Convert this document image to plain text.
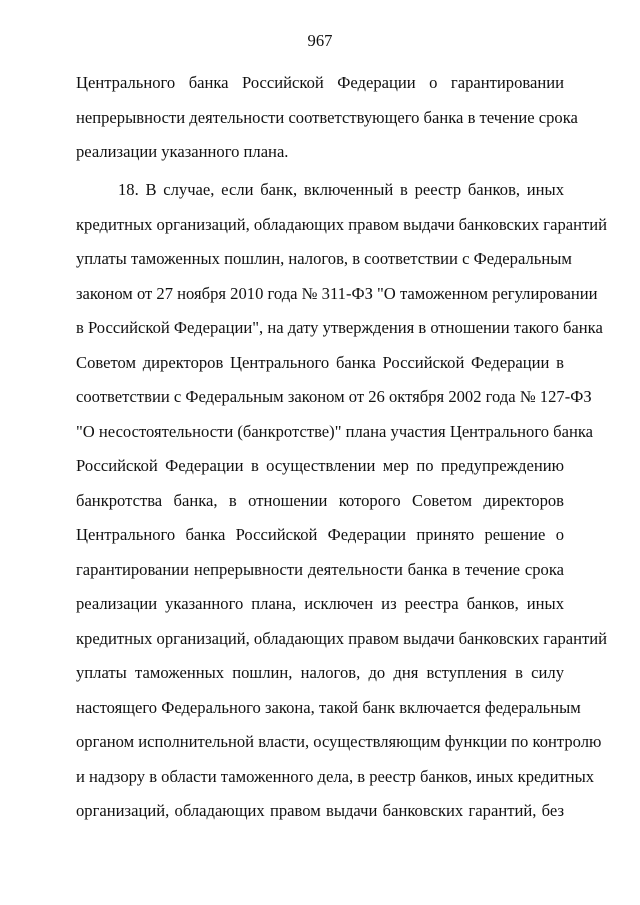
967
Центрального банка Российской Федерации о гарантировании
непрерывности деятельности соответствующего банка в течение срока
реализации указанного плана.
18. В случае, если банк, включенный в реестр банков, иных
кредитных организаций, обладающих правом выдачи банковских гарантий
уплаты таможенных пошлин, налогов, в соответствии с Федеральным
законом от 27 ноября 2010 года № 311-ФЗ "О таможенном регулировании
в Российской Федерации", на дату утверждения в отношении такого банка
Советом директоров Центрального банка Российской Федерации в
соответствии с Федеральным законом от 26 октября 2002 года № 127-ФЗ
"О несостоятельности (банкротстве)" плана участия Центрального банка
Российской Федерации в осуществлении мер по предупреждению
банкротства банка, в отношении которого Советом директоров
Центрального банка Российской Федерации принято решение о
гарантировании непрерывности деятельности банка в течение срока
реализации указанного плана, исключен из реестра банков, иных
кредитных организаций, обладающих правом выдачи банковских гарантий
уплаты таможенных пошлин, налогов, до дня вступления в силу
настоящего Федерального закона, такой банк включается федеральным
органом исполнительной власти, осуществляющим функции по контролю
и надзору в области таможенного дела, в реестр банков, иных кредитных
организаций, обладающих правом выдачи банковских гарантий, без
